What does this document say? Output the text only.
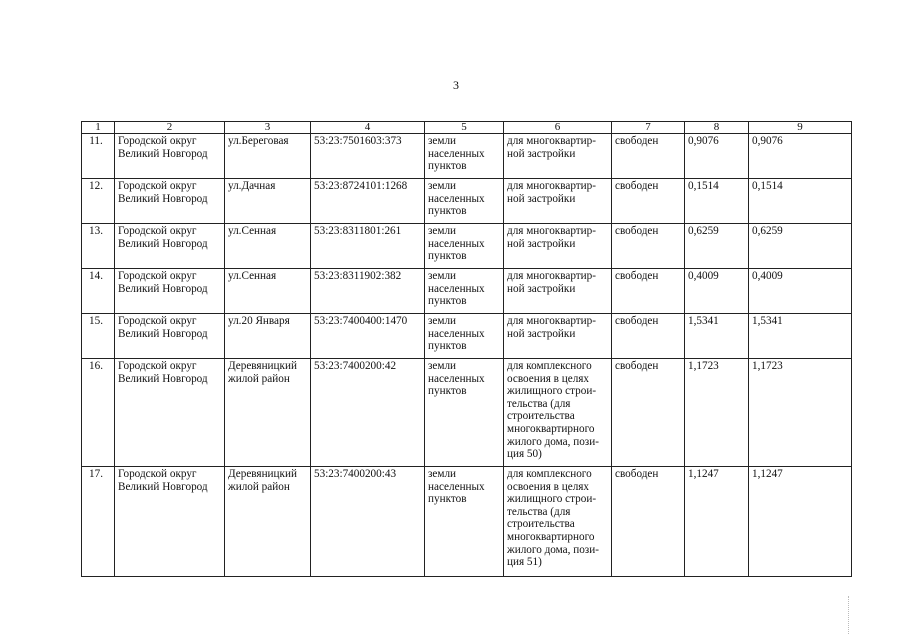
3
1	2	3	4	5	6	7	8	9
11.	Городской округ Великий Новгород	ул.Береговая	53:23:7501603:373	земли населенных пунктов	для многоквартир-ной застройки	свободен	0,9076	0,9076
12.	Городской округ Великий Новгород	ул.Дачная	53:23:8724101:1268	земли населенных пунктов	для многоквартир-ной застройки	свободен	0,1514	0,1514
13.	Городской округ Великий Новгород	ул.Сенная	53:23:8311801:261	земли населенных пунктов	для многоквартир-ной застройки	свободен	0,6259	0,6259
14.	Городской округ Великий Новгород	ул.Сенная	53:23:8311902:382	земли населенных пунктов	для многоквартир-ной застройки	свободен	0,4009	0,4009
15.	Городской округ Великий Новгород	ул.20 Января	53:23:7400400:1470	земли населенных пунктов	для многоквартир-ной застройки	свободен	1,5341	1,5341
16.	Городской округ Великий Новгород	Деревяницкий жилой район	53:23:7400200:42	земли населенных пунктов	для комплексного освоения в целях жилищного строи-тельства (для строительства многоквартирного жилого дома, пози-ция 50)	свободен	1,1723	1,1723
17.	Городской округ Великий Новгород	Деревяницкий жилой район	53:23:7400200:43	земли населенных пунктов	для комплексного освоения в целях жилищного строи-тельства (для строительства многоквартирного жилого дома, пози-ция 51)	свободен	1,1247	1,1247
